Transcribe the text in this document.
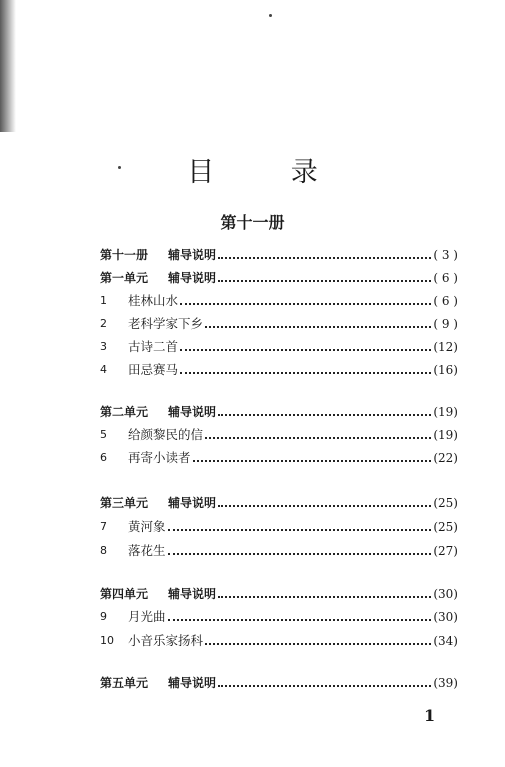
目 录
第十一册
第十一册 辅导说明	( 3 )
第一单元 辅导说明	( 6 )
1	桂林山水	( 6 )
2	老科学家下乡	( 9 )
3	古诗二首	(12)
4	田忌赛马	(16)
第二单元 辅导说明	(19)
5	给颜黎民的信	(19)
6	再寄小读者	(22)
第三单元 辅导说明	(25)
7	黄河象	(25)
8	落花生	(27)
第四单元 辅导说明	(30)
9	月光曲	(30)
10	小音乐家扬科	(34)
第五单元 辅导说明	(39)
1
